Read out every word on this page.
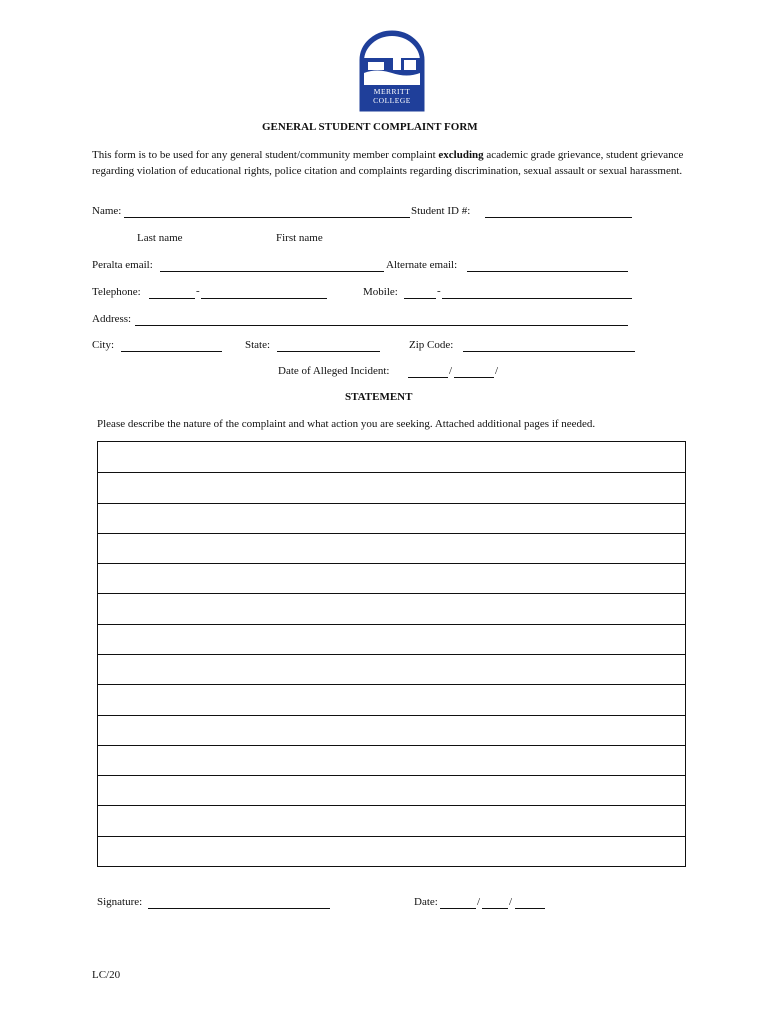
MERRITT
COLLEGE
GENERAL STUDENT COMPLAINT FORM
This form is to be used for any general student/community member complaint excluding academic grade grievance, student grievance regarding violation of educational rights, police citation and complaints regarding discrimination, sexual assault or sexual harassment.
Name:	Student ID #:
Last name	First name
Peralta email:	Alternate email:
Telephone:	-	Mobile:	-
Address:
City:	State:	Zip Code:
Date of Alleged Incident:	/	/
STATEMENT
Please describe the nature of the complaint and what action you are seeking. Attached additional pages if needed.
Signature:	Date:	/	/
LC/20
